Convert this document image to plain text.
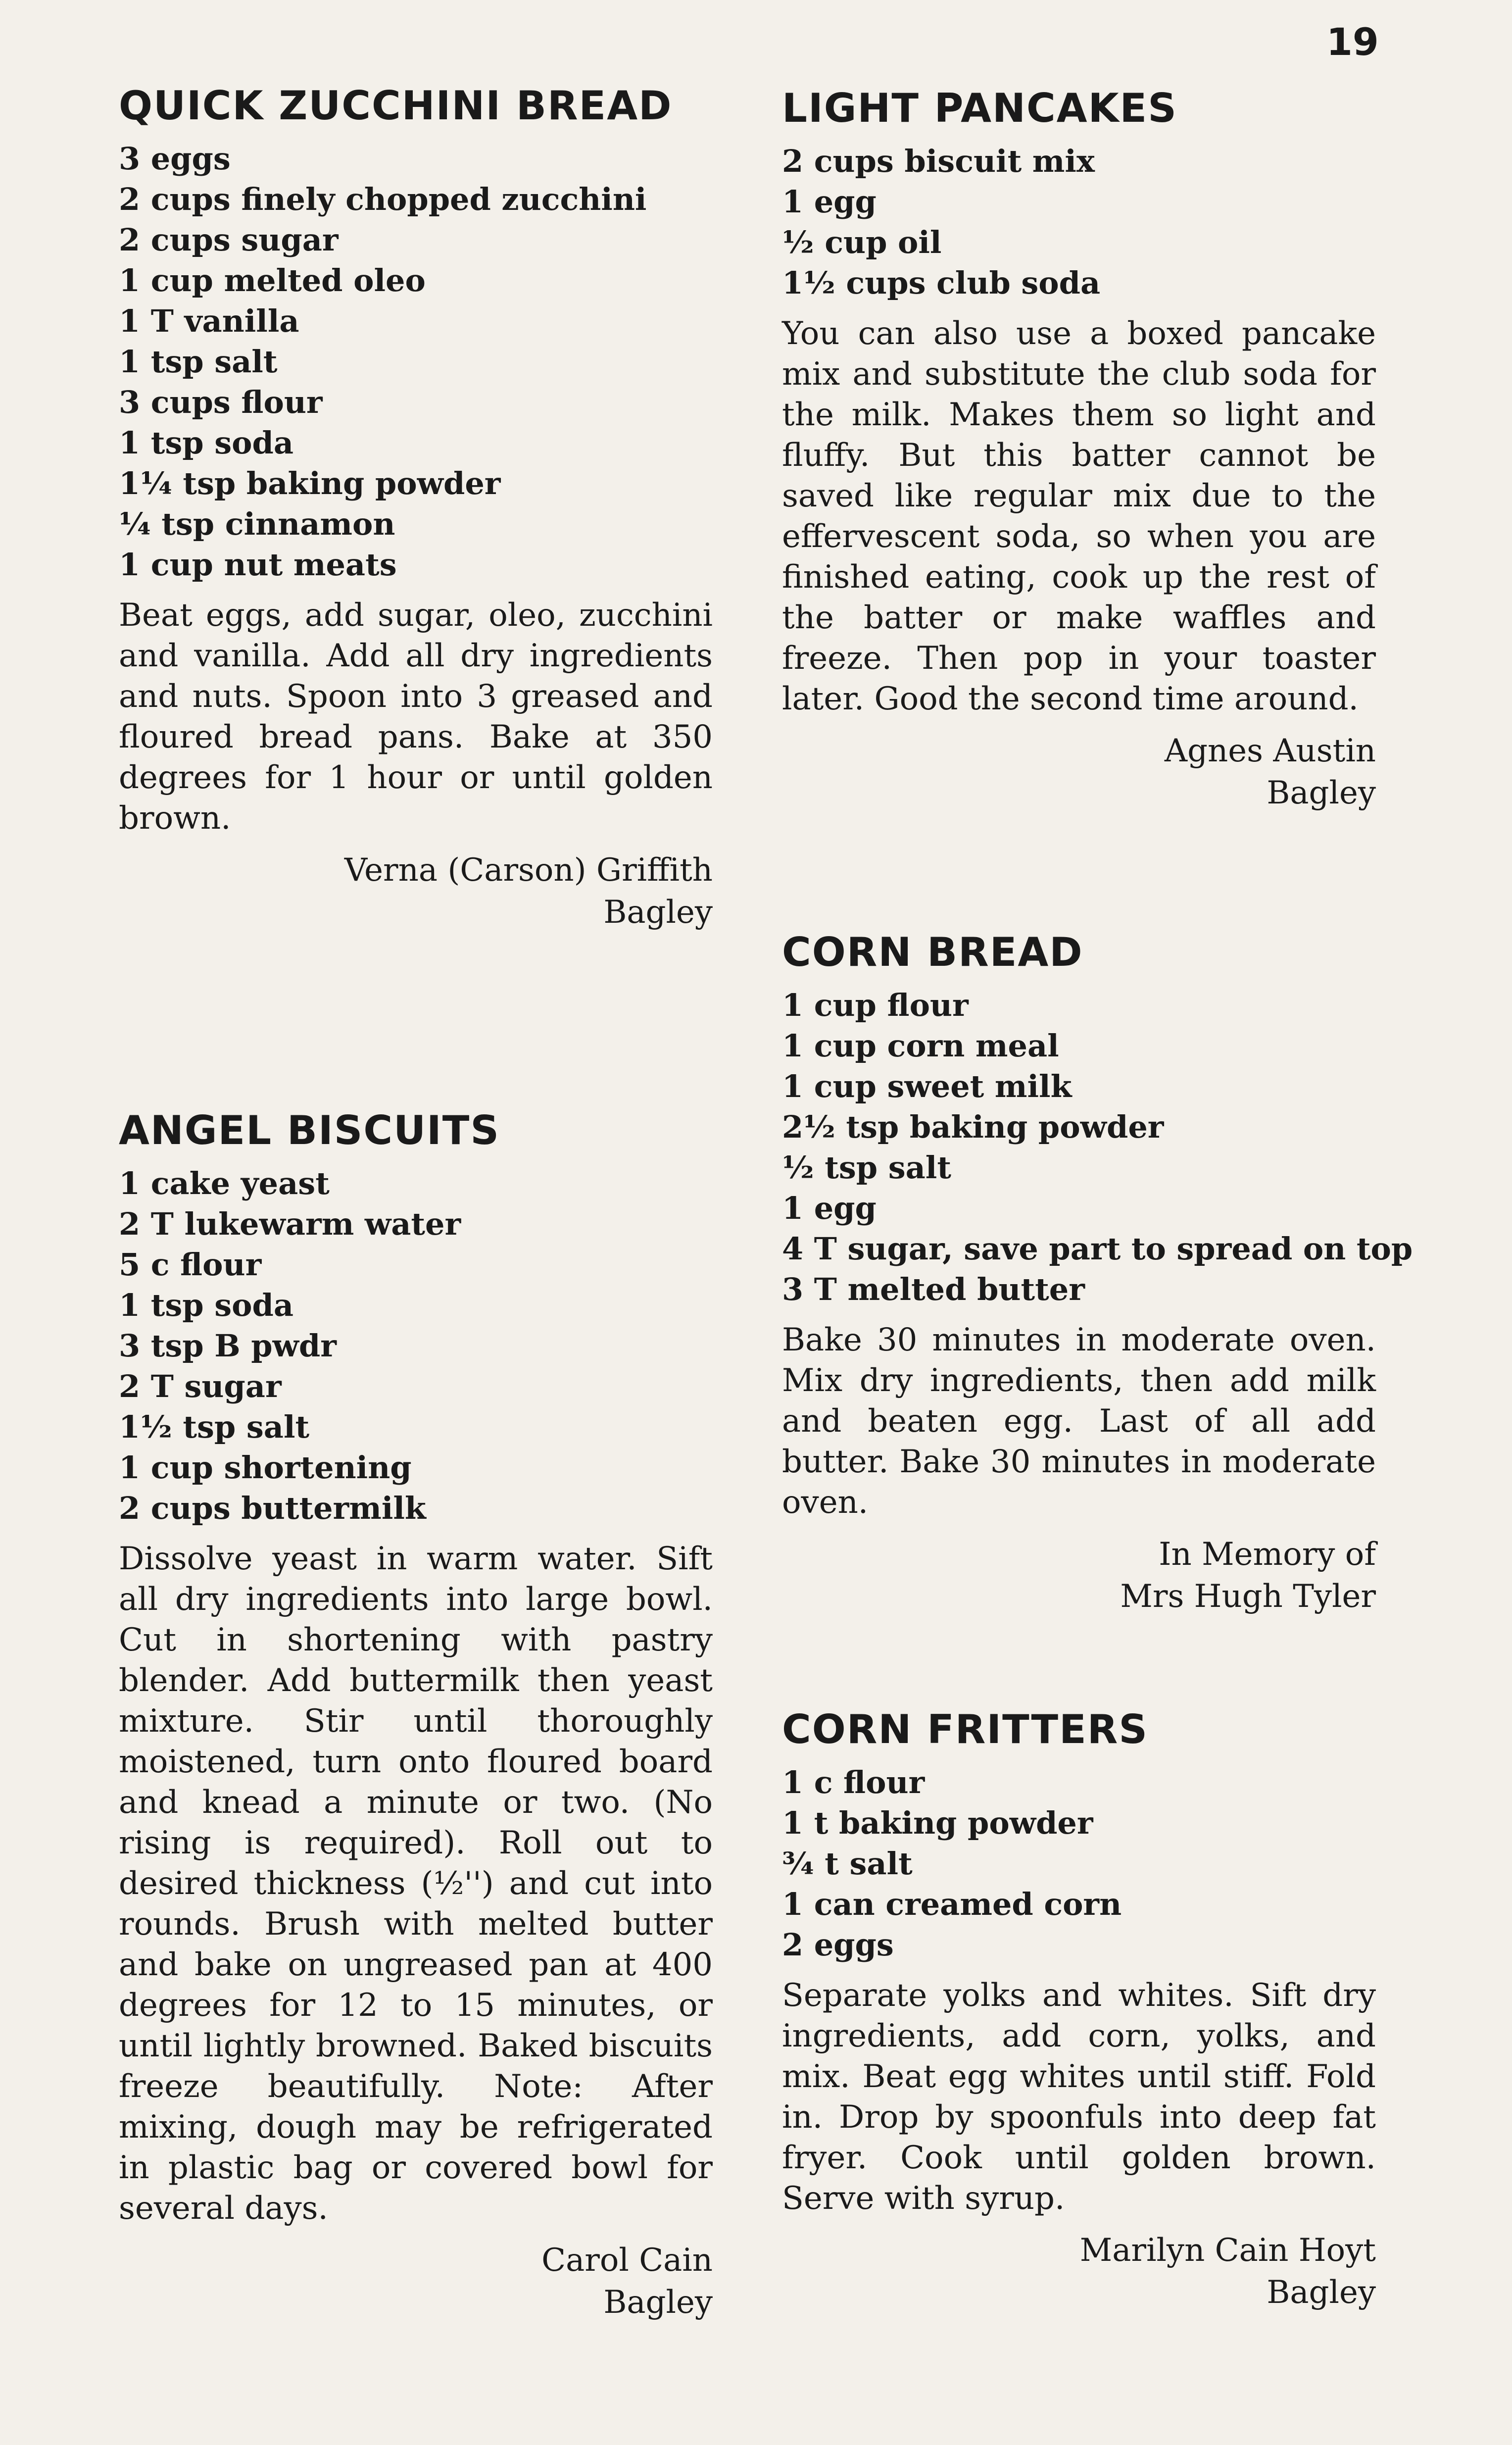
19
QUICK ZUCCHINI BREAD
3 eggs
2 cups finely chopped zucchini
2 cups sugar
1 cup melted oleo
1 T vanilla
1 tsp salt
3 cups flour
1 tsp soda
1¼ tsp baking powder
¼ tsp cinnamon
1 cup nut meats

Beat eggs, add sugar, oleo, zucchini and vanilla. Add all dry ingredients and nuts. Spoon into 3 greased and floured bread pans. Bake at 350 degrees for 1 hour or until golden brown.

Verna (Carson) Griffith
Bagley
ANGEL BISCUITS
1 cake yeast
2 T lukewarm water
5 c flour
1 tsp soda
3 tsp B pwdr
2 T sugar
1½ tsp salt
1 cup shortening
2 cups buttermilk

Dissolve yeast in warm water. Sift all dry ingredients into large bowl. Cut in shortening with pastry blender. Add buttermilk then yeast mixture. Stir until thoroughly moistened, turn onto floured board and knead a minute or two. (No rising is required). Roll out to desired thickness (½'') and cut into rounds. Brush with melted butter and bake on ungreased pan at 400 degrees for 12 to 15 minutes, or until lightly browned. Baked biscuits freeze beautifully. Note: After mixing, dough may be refrigerated in plastic bag or covered bowl for several days.

Carol Cain
Bagley
LIGHT PANCAKES
2 cups biscuit mix
1 egg
½ cup oil
1½ cups club soda

You can also use a boxed pancake mix and substitute the club soda for the milk. Makes them so light and fluffy. But this batter cannot be saved like regular mix due to the effervescent soda, so when you are finished eating, cook up the rest of the batter or make waffles and freeze. Then pop in your toaster later. Good the second time around.

Agnes Austin
Bagley
CORN BREAD
1 cup flour
1 cup corn meal
1 cup sweet milk
2½ tsp baking powder
½ tsp salt
1 egg
4 T sugar, save part to spread on top
3 T melted butter

Bake 30 minutes in moderate oven. Mix dry ingredients, then add milk and beaten egg. Last of all add butter. Bake 30 minutes in moderate oven.

In Memory of
Mrs Hugh Tyler
CORN FRITTERS
1 c flour
1 t baking powder
¾ t salt
1 can creamed corn
2 eggs

Separate yolks and whites. Sift dry ingredients, add corn, yolks, and mix. Beat egg whites until stiff. Fold in. Drop by spoonfuls into deep fat fryer. Cook until golden brown. Serve with syrup.

Marilyn Cain Hoyt
Bagley
